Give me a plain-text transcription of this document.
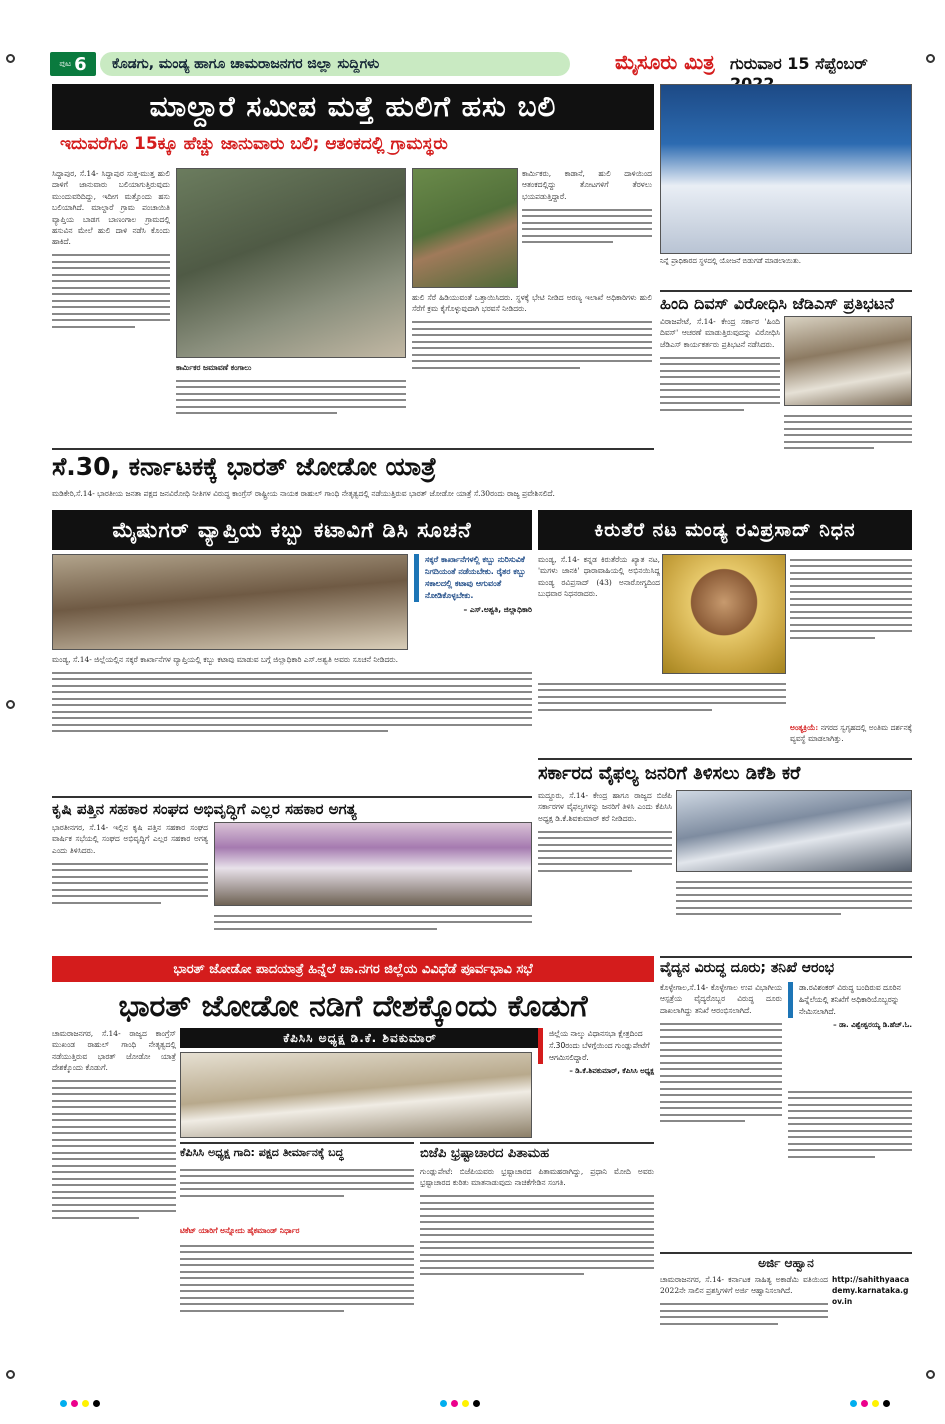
ಪುಟ 6	ಕೊಡಗು, ಮಂಡ್ಯ ಹಾಗೂ ಚಾಮರಾಜನಗರ ಜಿಲ್ಲಾ ಸುದ್ದಿಗಳು	ಮೈಸೂರು ಮಿತ್ರ ಗುರುವಾರ 15 ಸೆಪ್ಟೆಂಬರ್
ಮಾಲ್ದಾರೆ ಸಮೀಪ ಮತ್ತೆ ಹುಲಿಗೆ ಹಸು ಬಲಿ
ಇದುವರೆಗೂ 15ಕ್ಕೂ ಹೆಚ್ಚು ಜಾನುವಾರು ಬಲಿ; ಆತಂಕದಲ್ಲಿ ಗ್ರಾಮಸ್ಥರು

ಸಿದ್ದಾಪುರ, ಸೆ.14- ಸಿದ್ದಾಪುರ ಸುತ್ತ-ಮುತ್ತ ಹುಲಿ ದಾಳಿಗೆ ಜಾನುವಾರು ಬಲಿಯಾಗುತ್ತಿರುವುದು ಮುಂದುವರಿದಿದ್ದು, ಇದೀಗ ಮತ್ತೊಂದು ಹಸು ಬಲಿಯಾಗಿದೆ. ಮಾಲ್ದಾರೆ ಗ್ರಾಮ ಪಂಚಾಯಿತಿ ವ್ಯಾಪ್ತಿಯ ಬಾಡಗ ಬಾಣಂಗಾಲ ಗ್ರಾಮದಲ್ಲಿ ಹಸುವಿನ ಮೇಲೆ ಹುಲಿ ದಾಳಿ ನಡೆಸಿ ಕೊಂದು ಹಾಕಿದೆ.

ಕಾರ್ಮಿಕರ ಜಮಾವಣೆ ಕಂಗಾಲು

ಹುಲಿ ಸೆರೆ ಹಿಡಿಯುವಂತೆ ಒತ್ತಾಯಿಸಿದರು. ಸ್ಥಳಕ್ಕೆ ಭೇಟಿ ನೀಡಿದ ಅರಣ್ಯ ಇಲಾಖೆ ಅಧಿಕಾರಿಗಳು ಹುಲಿ ಸೆರೆಗೆ ಕ್ರಮ ಕೈಗೊಳ್ಳುವುದಾಗಿ ಭರವಸೆ ನೀಡಿದರು.

ಕಾರ್ಮಿಕರು, ಕಾಡಾನೆ, ಹುಲಿ ದಾಳಿಯಿಂದ ಆತಂಕದಲ್ಲಿದ್ದು ತೋಟಗಳಿಗೆ ತೆರಳಲು ಭಯಪಡುತ್ತಿದ್ದಾರೆ.

ನಿನ್ನೆ ಪ್ರಾಧಿಕಾರದ ಸ್ಥಳದಲ್ಲಿ ಯೋಜನೆ ಬಿಡುಗಡೆ ಮಾಡಲಾಯಿತು.
ಹಿಂದಿ ದಿವಸ್ ವಿರೋಧಿಸಿ ಜೆಡಿಎಸ್ ಪ್ರತಿಭಟನೆ

ವಿರಾಜಪೇಟೆ, ಸೆ.14- ಕೇಂದ್ರ ಸರ್ಕಾರ 'ಹಿಂದಿ ದಿವಸ್' ಆಚರಣೆ ಮಾಡುತ್ತಿರುವುದನ್ನು ವಿರೋಧಿಸಿ ಜೆಡಿಎಸ್ ಕಾರ್ಯಕರ್ತರು ಪ್ರತಿಭಟನೆ ನಡೆಸಿದರು.

ಸೆ.30, ಕರ್ನಾಟಕಕ್ಕೆ ಭಾರತ್ ಜೋಡೋ ಯಾತ್ರೆ
ಮಡಿಕೇರಿ,ಸೆ.14- ಭಾರತೀಯ ಜನತಾ ಪಕ್ಷದ ಜನವಿರೋಧಿ ನೀತಿಗಳ ವಿರುದ್ಧ ಕಾಂಗ್ರೆಸ್ ರಾಷ್ಟ್ರೀಯ ನಾಯಕ ರಾಹುಲ್ ಗಾಂಧಿ ನೇತೃತ್ವದಲ್ಲಿ ನಡೆಯುತ್ತಿರುವ ಭಾರತ್ ಜೋಡೋ ಯಾತ್ರೆ ಸೆ.30ರಂದು ರಾಜ್ಯ ಪ್ರವೇಶಿಸಲಿದೆ.
ಮೈಷುಗರ್ ವ್ಯಾಪ್ತಿಯ ಕಬ್ಬು ಕಟಾವಿಗೆ ಡಿಸಿ ಸೂಚನೆ
ಸಕ್ಕರೆ ಕಾರ್ಖಾನೆಗಳಲ್ಲಿ ಕಬ್ಬು ನುರಿಸುವಿಕೆ ನಿಗದಿಯಂತೆ ನಡೆಯಬೇಕು. ರೈತರ ಕಬ್ಬು ಸಕಾಲದಲ್ಲಿ ಕಟಾವು ಆಗುವಂತೆ ನೋಡಿಕೊಳ್ಳಬೇಕು.
– ಎಸ್.ಅಶ್ವತಿ, ಜಿಲ್ಲಾಧಿಕಾರಿ

ಮಂಡ್ಯ, ಸೆ.14- ಜಿಲ್ಲೆಯಲ್ಲಿನ ಸಕ್ಕರೆ ಕಾರ್ಖಾನೆಗಳ ವ್ಯಾಪ್ತಿಯಲ್ಲಿ ಕಬ್ಬು ಕಟಾವು ಮಾಡುವ ಬಗ್ಗೆ ಜಿಲ್ಲಾಧಿಕಾರಿ ಎಸ್.ಅಶ್ವತಿ ಅವರು ಸೂಚನೆ ನೀಡಿದರು.

ಕಿರುತೆರೆ ನಟ ಮಂಡ್ಯ ರವಿಪ್ರಸಾದ್ ನಿಧನ
ಮಂಡ್ಯ, ಸೆ.14- ಕನ್ನಡ ಕಿರುತೆರೆಯ ಖ್ಯಾತ ನಟ, 'ಮಗಳು ಜಾನಕಿ' ಧಾರಾವಾಹಿಯಲ್ಲಿ ಅಭಿನಯಿಸಿದ್ದ ಮಂಡ್ಯ ರವಿಪ್ರಸಾದ್ (43) ಅನಾರೋಗ್ಯದಿಂದ ಬುಧವಾರ ನಿಧನರಾದರು.

ಅಂತ್ಯಕ್ರಿಯೆ: ನಗರದ ಸ್ವಗೃಹದಲ್ಲಿ ಅಂತಿಮ ದರ್ಶನಕ್ಕೆ ವ್ಯವಸ್ಥೆ ಮಾಡಲಾಗಿತ್ತು.

ಸರ್ಕಾರದ ವೈಫಲ್ಯ ಜನರಿಗೆ ತಿಳಿಸಲು ಡಿಕೆಶಿ ಕರೆ

ಮದ್ದೂರು, ಸೆ.14- ಕೇಂದ್ರ ಹಾಗೂ ರಾಜ್ಯದ ಬಿಜೆಪಿ ಸರ್ಕಾರಗಳ ವೈಫಲ್ಯಗಳನ್ನು ಜನರಿಗೆ ತಿಳಿಸಿ ಎಂದು ಕೆಪಿಸಿಸಿ ಅಧ್ಯಕ್ಷ ಡಿ.ಕೆ.ಶಿವಕುಮಾರ್ ಕರೆ ನೀಡಿದರು.

ಕೃಷಿ ಪತ್ತಿನ ಸಹಕಾರ ಸಂಘದ ಅಭಿವೃದ್ಧಿಗೆ ಎಲ್ಲರ ಸಹಕಾರ ಅಗತ್ಯ

ಭಾರತೀನಗರ, ಸೆ.14- ಇಲ್ಲಿನ ಕೃಷಿ ಪತ್ತಿನ ಸಹಕಾರ ಸಂಘದ ವಾರ್ಷಿಕ ಸಭೆಯಲ್ಲಿ ಸಂಘದ ಅಭಿವೃದ್ಧಿಗೆ ಎಲ್ಲರ ಸಹಕಾರ ಅಗತ್ಯ ಎಂದು ತಿಳಿಸಿದರು.

ಭಾರತ್ ಜೋಡೋ ಪಾದಯಾತ್ರೆ ಹಿನ್ನೆಲೆ ಚಾ.ನಗರ ಜಿಲ್ಲೆಯ ವಿವಿಧೆಡೆ ಪೂರ್ವಭಾವಿ ಸಭೆ
ಭಾರತ್ ಜೋಡೋ ನಡಿಗೆ ದೇಶಕ್ಕೊಂದು ಕೊಡುಗೆ
ಕೆಪಿಸಿಸಿ ಅಧ್ಯಕ್ಷ ಡಿ.ಕೆ. ಶಿವಕುಮಾರ್

ಚಾಮರಾಜನಗರ, ಸೆ.14- ರಾಜ್ಯದ ಕಾಂಗ್ರೆಸ್ ಮುಖಂಡ ರಾಹುಲ್ ಗಾಂಧಿ ನೇತೃತ್ವದಲ್ಲಿ ನಡೆಯುತ್ತಿರುವ ಭಾರತ್ ಜೋಡೋ ಯಾತ್ರೆ ದೇಶಕ್ಕೊಂದು ಕೊಡುಗೆ.

ಜಿಲ್ಲೆಯ ನಾಲ್ಕು ವಿಧಾನಸಭಾ ಕ್ಷೇತ್ರದಿಂದ ಸೆ.30ರಂದು ಬೆಳಗ್ಗೆಯಿಂದ ಗುಂಡ್ಲುಪೇಟೆಗೆ ಆಗಮಿಸಲಿದ್ದಾರೆ.
– ಡಿ.ಕೆ.ಶಿವಕುಮಾರ್, ಕೆಪಿಸಿಸಿ ಅಧ್ಯಕ್ಷ
ಕೆಪಿಸಿಸಿ ಅಧ್ಯಕ್ಷ ಗಾದಿ: ಪಕ್ಷದ ತೀರ್ಮಾನಕ್ಕೆ ಬದ್ಧ
ಟಿಕೆಟ್ ಯಾರಿಗೆ ಅನ್ನೋದು ಹೈಕಮಾಂಡ್ ನಿರ್ಧಾರ
ಬಿಜೆಪಿ ಭ್ರಷ್ಟಾಚಾರದ ಪಿತಾಮಹ

ಗುಂಡ್ಲುಪೇಟೆ: ಬಿಜೆಪಿಯವರು ಭ್ರಷ್ಟಾಚಾರದ ಪಿತಾಮಹರಾಗಿದ್ದು, ಪ್ರಧಾನಿ ಮೋದಿ ಅವರು ಭ್ರಷ್ಟಾಚಾರದ ಕುರಿತು ಮಾತನಾಡುವುದು ನಾಚಿಕೆಗೇಡಿನ ಸಂಗತಿ.

ವೈದ್ಯನ ವಿರುದ್ಧ ದೂರು; ತನಿಖೆ ಆರಂಭ

ಕೊಳ್ಳೇಗಾಲ,ಸೆ.14- ಕೊಳ್ಳೇಗಾಲ ಉಪ ವಿಭಾಗೀಯ ಆಸ್ಪತ್ರೆಯ ವೈದ್ಯರೊಬ್ಬರ ವಿರುದ್ಧ ದೂರು ದಾಖಲಾಗಿದ್ದು ತನಿಖೆ ಆರಂಭಿಸಲಾಗಿದೆ.

ಡಾ.ರವಿಶಂಕರ್ ವಿರುದ್ಧ ಬಂದಿರುವ ದೂರಿನ ಹಿನ್ನೆಲೆಯಲ್ಲಿ ತನಿಖೆಗೆ ಅಧಿಕಾರಿಯೊಬ್ಬರನ್ನು ನೇಮಿಸಲಾಗಿದೆ.
– ಡಾ. ವಿಶ್ವೇಶ್ವರಯ್ಯ ಡಿ.ಹೆಚ್.ಓ.
ಅರ್ಜಿ ಆಹ್ವಾನ

ಚಾಮರಾಜನಗರ, ಸೆ.14- ಕರ್ನಾಟಕ ಸಾಹಿತ್ಯ ಅಕಾಡೆಮಿ ವತಿಯಿಂದ 2022ನೇ ಸಾಲಿನ ಪ್ರಶಸ್ತಿಗಳಿಗೆ ಅರ್ಜಿ ಆಹ್ವಾನಿಸಲಾಗಿದೆ.

http://sahithyaacademy.karnataka.gov.in
